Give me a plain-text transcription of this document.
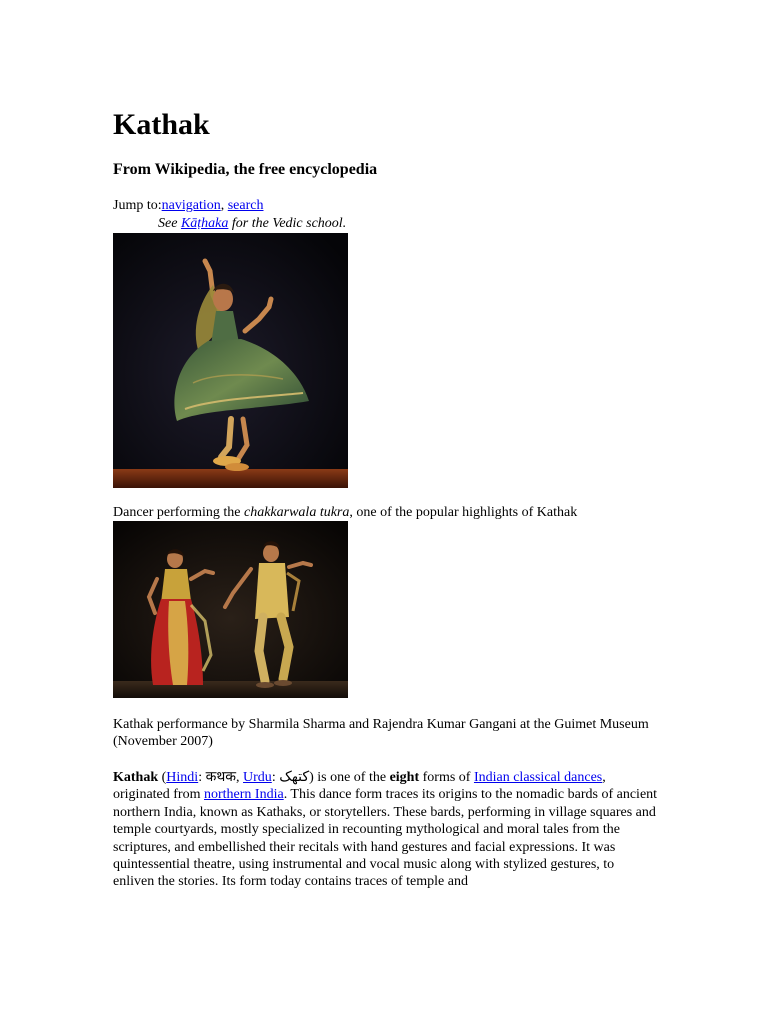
Kathak
From Wikipedia, the free encyclopedia
Jump to:navigation, search
See Kāṭhaka for the Vedic school.
Dancer performing the chakkarwala tukra, one of the popular highlights of Kathak
Kathak performance by Sharmila Sharma and Rajendra Kumar Gangani at the Guimet Museum (November 2007)
Kathak (Hindi: कथक, Urdu: کتھک) is one of the eight forms of Indian classical dances, originated from northern India. This dance form traces its origins to the nomadic bards of ancient northern India, known as Kathaks, or storytellers. These bards, performing in village squares and temple courtyards, mostly specialized in recounting mythological and moral tales from the scriptures, and embellished their recitals with hand gestures and facial expressions. It was quintessential theatre, using instrumental and vocal music along with stylized gestures, to enliven the stories. Its form today contains traces of temple and
